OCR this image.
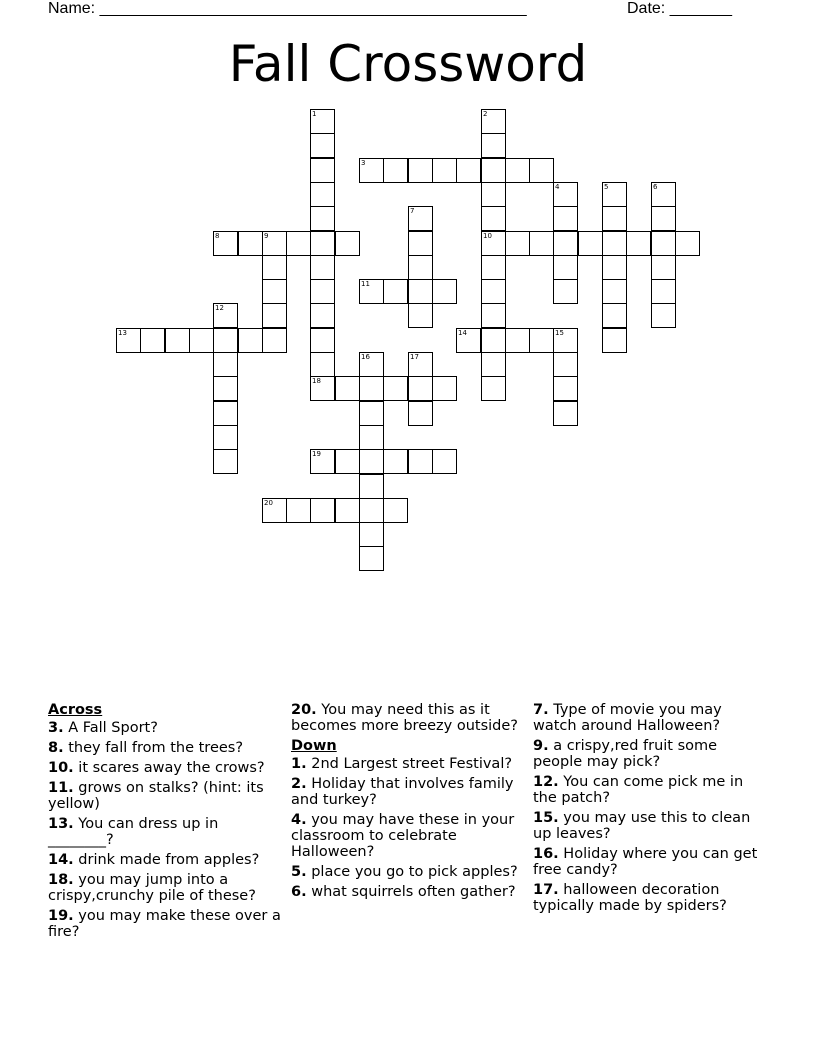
Name: ________________________________________________	Date: _______
Fall Crossword
1	2
3
4	5	6
7
8	9	10
11
12
13	14	15
16	17
18
19
20
Across
3. A Fall Sport?
8. they fall from the trees?
10. it scares away the crows?
11. grows on stalks? (hint: its yellow)
13. You can dress up in ________?
14. drink made from apples?
18. you may jump into a crispy,crunchy pile of these?
19. you may make these over a fire?
20. You may need this as it becomes more breezy outside?
Down
1. 2nd Largest street Festival?
2. Holiday that involves family and turkey?
4. you may have these in your classroom to celebrate Halloween?
5. place you go to pick apples?
6. what squirrels often gather?
7. Type of movie you may watch around Halloween?
9. a crispy,red fruit some people may pick?
12. You can come pick me in the patch?
15. you may use this to clean up leaves?
16. Holiday where you can get free candy?
17. halloween decoration typically made by spiders?
